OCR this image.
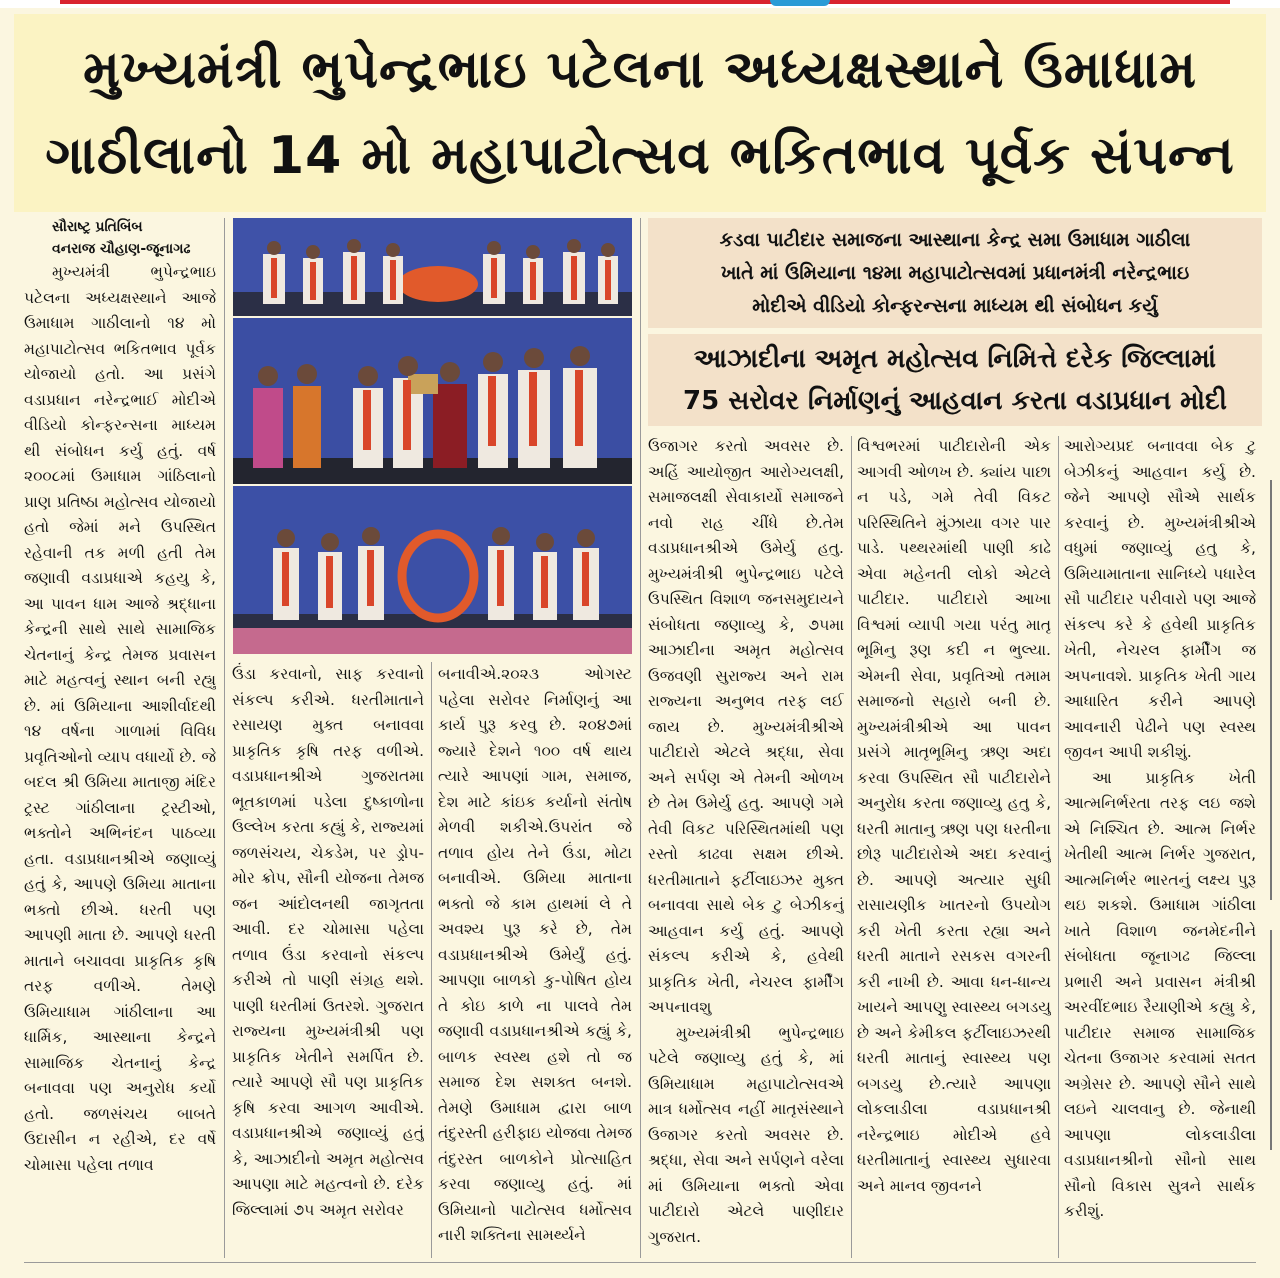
મુખ્યમંત્રી ભુપેન્દ્રભાઇ પટેલના અધ્યક્ષસ્થાને ઉમાધામ
ગાઠીલાનો 14 મો મહાપાટોત્સવ ભકિતભાવ પૂર્વક સંપન્ન
સૌરાષ્ટ્ર પ્રતિબિંબ
વનરાજ ચૌહાણ-જૂનાગઢ

મુખ્યમંત્રી ભુપેન્દ્રભાઇ પટેલના અધ્યક્ષસ્થાને આજે ઉમાધામ ગાઠીલાનો ૧૪ મો મહાપાટોત્સવ ભકિતભાવ પૂર્વક યોજાયો હતો. આ પ્રસંગે વડાપ્રધાન નરેન્દ્રભાઈ મોદીએ વીડિયો કોન્ફરન્સના માધ્યમ થી સંબોધન કર્યુ હતું. વર્ષ ૨૦૦૮માં ઉમાધામ ગાંઠિલાનો પ્રાણ પ્રતિષ્ઠા મહોત્સવ યોજાયો હતો જેમાં મને ઉપસ્થિત રહેવાની તક મળી હતી તેમ જણાવી વડાપ્રધાએ કહયુ કે, આ પાવન ધામ આજે શ્રદ્ધાના કેન્દ્રની સાથે સાથે સામાજિક ચેતનાનું કેન્દ્ર તેમજ પ્રવાસન માટે મહત્વનું સ્થાન બની રહ્યુ છે. માં ઉમિયાના આશીર્વાદથી ૧૪ વર્ષના ગાળામાં વિવિધ પ્રવૃતિઓનો વ્યાપ વધાર્યો છે. જે બદલ શ્રી ઉમિયા માતાજી મંદિર ટ્રસ્ટ ગાંઠીલાના ટ્રસ્ટીઓ, ભક્તોને અભિનંદન પાઠવ્યા હતા. વડાપ્રધાનશ્રીએ જણાવ્યું હતું કે, આપણે ઉમિયા માતાના ભક્તો છીએ. ધરતી પણ આપણી માતા છે. આપણે ધરતી માતાને બચાવવા પ્રાકૃતિક કૃષિ તરફ વળીએ. તેમણે ઉમિયાધામ ગાંઠીલાના આ ધાર્મિક, આસ્થાના કેન્દ્રને સામાજિક ચેતનાનું કેન્દ્ર બનાવવા પણ અનુરોધ કર્યો હતો. જળસંચય બાબતે ઉદાસીન ન રહીએ, દર વર્ષે ચોમાસા પહેલા તળાવ

કડવા પાટીદાર સમાજના આસ્થાના કેન્દ્ર સમા ઉમાધામ ગાઠીલા
ખાતે માં ઉમિયાના ૧૪મા મહાપાટોત્સવમાં પ્રધાનમંત્રી નરેન્દ્રભાઇ
મોદીએ વીડિયો કોન્ફરન્સના માધ્યમ થી સંબોધન કર્યુ
આઝાદીના અમૃત મહોત્સવ નિમિત્તે દરેક જિલ્લામાં
75 સરોવર નિર્માણનું આહવાન કરતા વડાપ્રધાન મોદી

ઉંડા કરવાનો, સાફ કરવાનો સંકલ્પ કરીએ. ધરતીમાતાને રસાયણ મુક્ત બનાવવા પ્રાકૃતિક કૃષિ તરફ વળીએ. વડાપ્રધાનશ્રીએ ગુજરાતમા ભૂતકાળમાં પડેલા દુષ્કાળોના ઉલ્લેખ કરતા કહ્યું કે, રાજ્યમાં જળસંચય, ચેકડેમ, પર ડ્રોપ-મોર ક્રોપ, સૌની યોજના તેમજ જન આંદોલનથી જાગૃતતા આવી. દર ચોમાસા પહેલા તળાવ ઉંડા કરવાનો સંકલ્પ કરીએ તો પાણી સંગ્રહ થશે. પાણી ધરતીમાં ઉતરશે. ગુજરાત રાજ્યના મુખ્યમંત્રીશ્રી પણ પ્રાકૃતિક ખેતીને સમર્પિત છે. ત્યારે આપણે સૌ પણ પ્રાકૃતિક કૃષિ કરવા આગળ આવીએ. વડાપ્રધાનશ્રીએ જણાવ્યું હતું કે, આઝાદીનો અમૃત મહોત્સવ આપણા માટે મહત્વનો છે. દરેક જિલ્લામાં ૭૫ અમૃત સરોવર

બનાવીએ.૨૦૨૩ ઓગસ્ટ પહેલા સરોવર નિર્માણનું આ કાર્ય પુરૂ કરવુ છે. ૨૦૪૭માં જ્યારે દેશને ૧૦૦ વર્ષ થાય ત્યારે આપણાં ગામ, સમાજ, દેશ માટે કાંઇક કર્યાનો સંતોષ મેળવી શકીએ.ઉપરાંત જે તળાવ હોય તેને ઉંડા, મોટા બનાવીએ. ઉમિયા માતાના ભક્તો જે કામ હાથમાં લે તે અવશ્ય પુરૂ કરે છે, તેમ વડાપ્રધાનશ્રીએ ઉમેર્યું હતું. આપણા બાળકો કુ-પોષિત હોય તે કોઇ કાળે ના પાલવે તેમ જણાવી વડાપ્રધાનશ્રીએ કહ્યું કે, બાળક સ્વસ્થ હશે તો જ સમાજ દેશ સશક્ત બનશે. તેમણે ઉમાધામ દ્વારા બાળ તંદુરસ્તી હરીફાઇ યોજવા તેમજ તંદુરસ્ત બાળકોને પ્રોત્સાહિત કરવા જણાવ્યુ હતું. માં ઉમિયાનો પાટોત્સવ ધર્મોત્સવ નારી શક્તિના સામર્થ્યને

ઉજાગર કરતો અવસર છે. અહિં આયોજીત આરોગ્યલક્ષી, સમાજલક્ષી સેવાકાર્યો સમાજને નવો રાહ ચીંધે છે.તેમ વડાપ્રધાનશ્રીએ ઉમેર્યુ હતુ. મુખ્યમંત્રીશ્રી ભુપેન્દ્રભાઇ પટેલે ઉપસ્થિત વિશાળ જનસમુદાયને સંબોધતા જણાવ્યુ કે, ૭૫મા આઝાદીના અમૃત મહોત્સવ ઉજવણી સુરાજ્ય અને રામ રાજ્યના અનુભવ તરફ લઈ જાય છે. મુખ્યમંત્રીશ્રીએ પાટીદારો એટલે શ્રદ્ધા, સેવા અને સર્પણ એ તેમની ઓળખ છે તેમ ઉમેર્યુ હતુ. આપણે ગમે તેવી વિકટ પરિસ્થિતમાંથી પણ રસ્તો કાઢવા સક્ષમ છીએ. ધરતીમાતાને ફર્ટીલાઇઝર મુક્ત બનાવવા સાથે બેક ટુ બેઝીકનું આહવાન કર્યુ હતું. આપણે સંકલ્પ કરીએ કે, હવેથી પ્રાકૃતિક ખેતી, નેચરલ ફાર્મીંગ અપનાવશુ

મુખ્યમંત્રીશ્રી ભુપેન્દ્રભાઇ પટેલે જણાવ્યુ હતું કે, માં ઉમિયાધામ મહાપાટોત્સવએ માત્ર ધર્મોત્સવ નહીં માતૃસંસ્થાને ઉજાગર કરતો અવસર છે. શ્રદ્ધા, સેવા અને સર્પણને વરેલા માં ઉમિયાના ભક્તો એવા પાટીદારો એટલે પાણીદાર ગુજરાત.

વિશ્વભરમાં પાટીદારોની એક આગવી ઓળખ છે. ક્યાંય પાછા ન પડે, ગમે તેવી વિકટ પરિસ્થિતિને મુંઝાયા વગર પાર પાડે. પથ્થરમાંથી પાણી કાઢે એવા મહેનતી લોકો એટલે પાટીદાર. પાટીદારો આખા વિશ્વમાં વ્યાપી ગયા પરંતુ માતૃ ભૂમિનુ રૂણ કદી ન ભુલ્યા. એમની સેવા, પ્રવૃતિઓ તમામ સમાજનો સહારો બની છે. મુખ્યમંત્રીશ્રીએ આ પાવન પ્રસંગે માતૃભૂમિનુ ઋણ અદા કરવા ઉપસ્થિત સૌ પાટીદારોને અનુરોધ કરતા જણાવ્યુ હતુ કે, ધરતી માતાનુ ઋણ પણ ધરતીના છોરૂ પાટીદારોએ અદા કરવાનું છે. આપણે અત્યાર સુધી રાસાયણીક ખાતરનો ઉપયોગ કરી ખેતી કરતા રહ્યા અને ધરતી માતાને રસકસ વગરની કરી નાખી છે. આવા ધન-ધાન્ય ખાયને આપણુ સ્વાસ્થ્ય બગડયુ છે અને કેમીકલ ફર્ટીલાઇઝરથી ધરતી માતાનું સ્વાસ્થ્ય પણ બગડયુ છે.ત્યારે આપણા લોકલાડીલા વડાપ્રધાનશ્રી નરેન્દ્રભાઇ મોદીએ હવે ધરતીમાતાનું સ્વાસ્થ્ય સુધારવા અને માનવ જીવનને

આરોગ્યપ્રદ બનાવવા બેક ટુ બેઝીકનું આહવાન કર્યુ છે. જેને આપણે સૌએ સાર્થક કરવાનું છે. મુખ્યમંત્રીશ્રીએ વધુમાં જણાવ્યું હતુ કે, ઉમિયામાતાના સાનિધ્યે પધારેલ સૌ પાટીદાર પરીવારો પણ આજે સંકલ્પ કરે કે હવેથી પ્રાકૃતિક ખેતી, નેચરલ ફાર્મીંગ જ અપનાવશે. પ્રાકૃતિક ખેતી ગાય આધારિત કરીને આપણે આવનારી પેઢીને પણ સ્વસ્થ જીવન આપી શકીશું.

આ પ્રાકૃતિક ખેતી આત્મનિર્ભરતા તરફ લઇ જશે એ નિશ્ચિત છે. આત્મ નિર્ભર ખેતીથી આત્મ નિર્ભર ગુજરાત, આત્મનિર્ભર ભારતનું લક્ષ્ય પુરૂ થઇ શકશે. ઉમાધામ ગાંઠીલા ખાતે વિશાળ જનમેદનીને સંબોધતા જૂનાગઢ જિલ્લા પ્રભારી અને પ્રવાસન મંત્રીશ્રી અરવીંદભાઇ રૈયાણીએ કહ્યુ કે, પાટીદાર સમાજ સામાજિક ચેતના ઉજાગર કરવામાં સતત અગ્રેસર છે. આપણે સૌને સાથે લઇને ચાલવાનુ છે. જેનાથી આપણા લોકલાડીલા વડાપ્રધાનશ્રીનો સૌનો સાથ સૌનો વિકાસ સુત્રને સાર્થક કરીશું.
